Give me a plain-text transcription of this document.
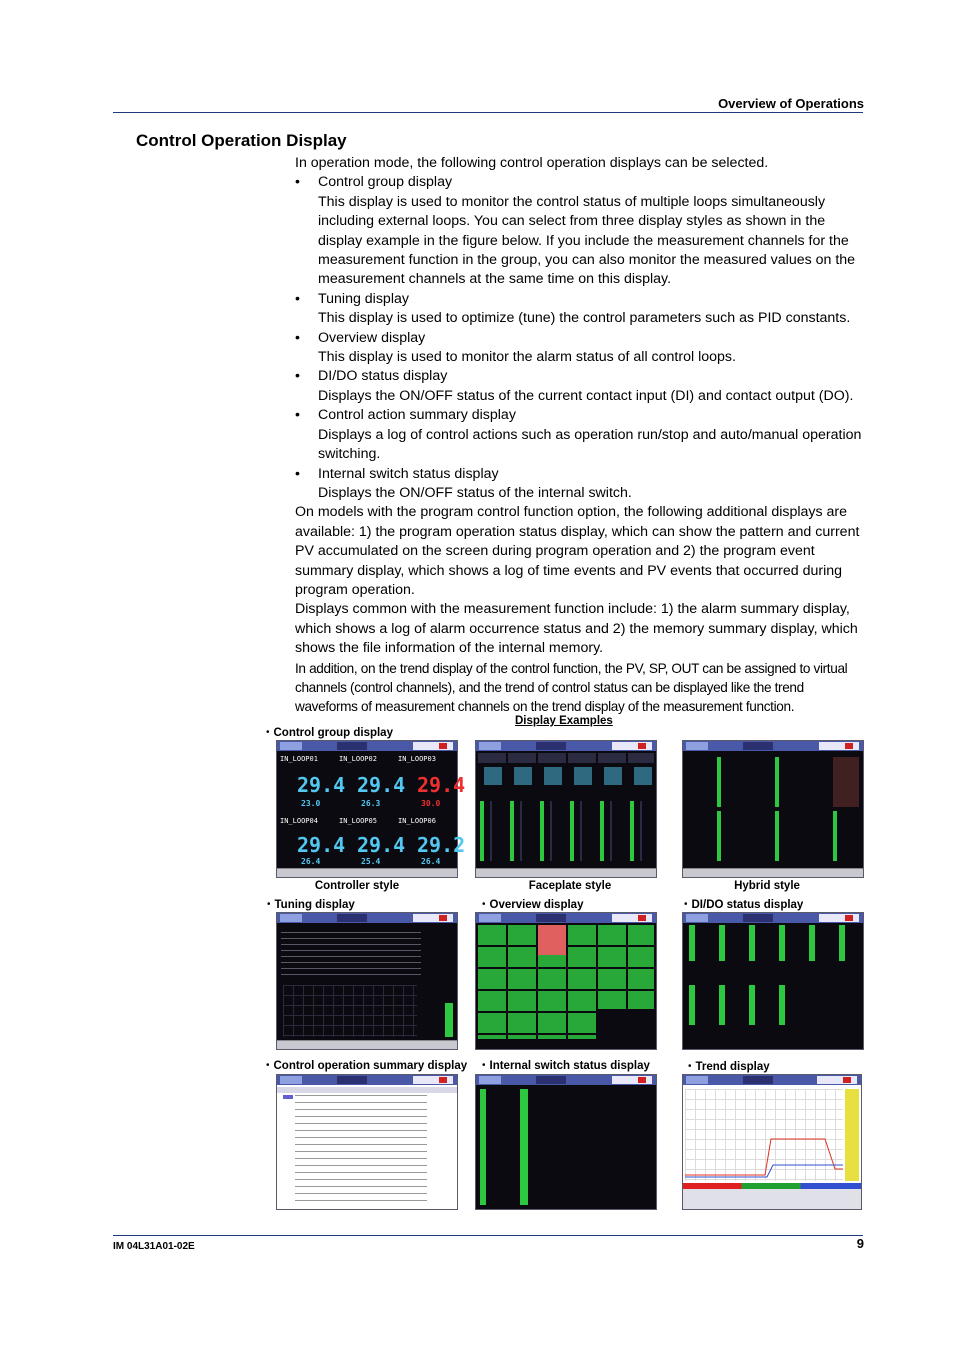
Overview of Operations
Control Operation Display

In operation mode, the following control operation displays can be selected.

• Control group display
This display is used to monitor the control status of multiple loops simultaneously including external loops. You can select from three display styles as shown in the display example in the figure below. If you include the measurement channels for the measurement function in the group, you can also monitor the measured values on the measurement channels at the same time on this display.
• Tuning display
This display is used to optimize (tune) the control parameters such as PID constants.
• Overview display
This display is used to monitor the alarm status of all control loops.
• DI/DO status display
Displays the ON/OFF status of the current contact input (DI) and contact output (DO).
• Control action summary display
Displays a log of control actions such as operation run/stop and auto/manual operation switching.
• Internal switch status display
Displays the ON/OFF status of the internal switch.

On models with the program control function option, the following additional displays are available: 1) the program operation status display, which can show the pattern and current PV accumulated on the screen during program operation and 2) the program event summary display, which shows a log of time events and PV events that occurred during program operation.

Displays common with the measurement function include: 1) the alarm summary display, which shows a log of alarm occurrence status and 2) the memory summary display, which shows the file information of the internal memory.

In addition, on the trend display of the control function, the PV, SP, OUT can be assigned to virtual channels (control channels), and the trend of control status can be displayed like the trend waveforms of measurement channels on the trend display of the measurement function.

Display Examples
・Control group display
IN_LOOP01	IN_LOOP02	IN_LOOP03
29.4 29.4 29.4
23.0	26.3	30.0
IN_LOOP04	IN_LOOP05	IN_LOOP06
29.4 29.4 29.2
26.4	25.4	26.4
Controller style	Faceplate style	Hybrid style
・Tuning display	・Overview display	・DI/DO status display
・Control operation summary display ・Internal switch status display	・Trend display
IM 04L31A01-02E	9
